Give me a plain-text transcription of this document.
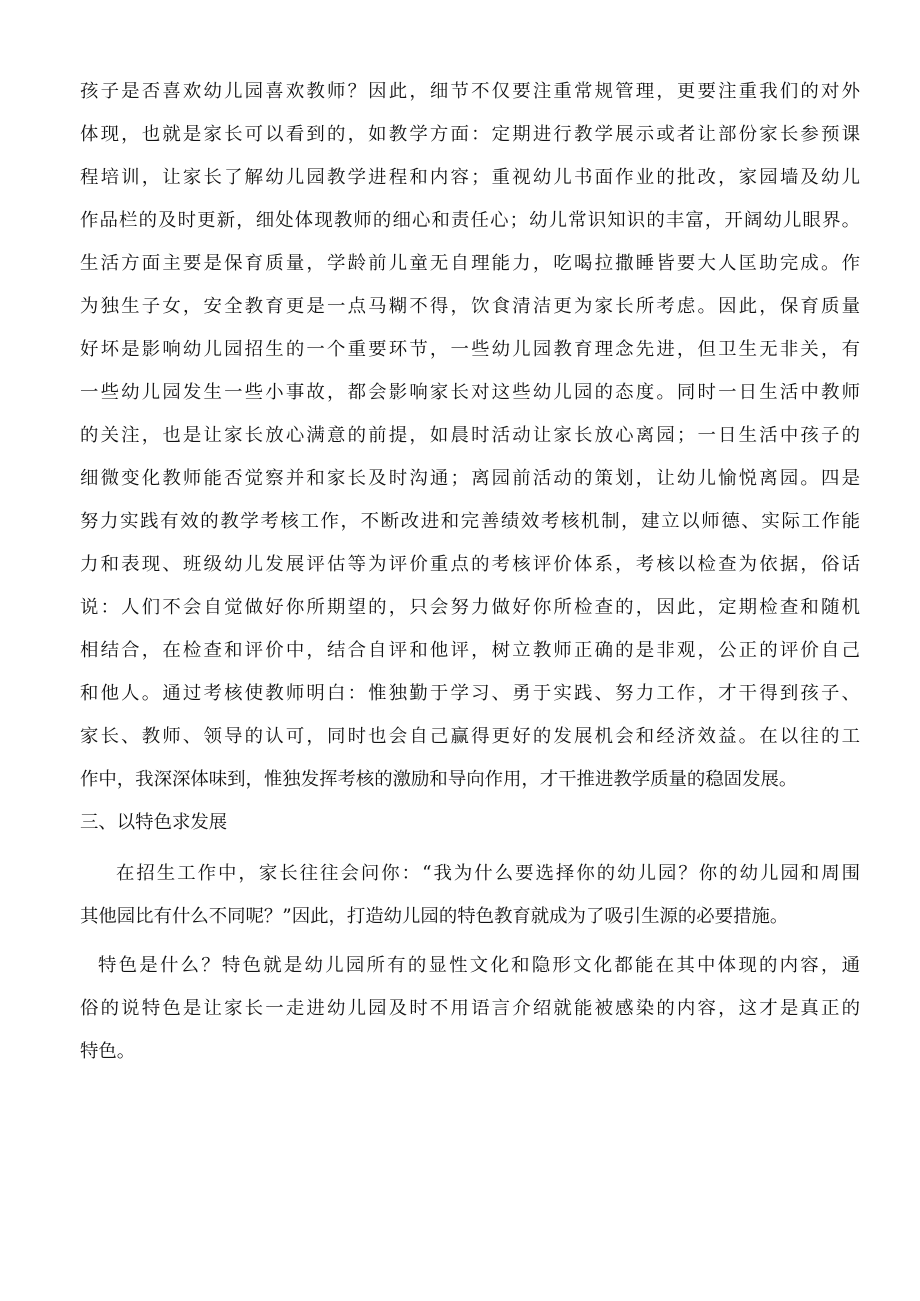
孩子是否喜欢幼儿园喜欢教师？因此，细节不仅要注重常规管理，更要注重我们的对外
体现，也就是家长可以看到的，如教学方面：定期进行教学展示或者让部份家长参预课
程培训，让家长了解幼儿园教学进程和内容；重视幼儿书面作业的批改，家园墙及幼儿
作品栏的及时更新，细处体现教师的细心和责任心；幼儿常识知识的丰富，开阔幼儿眼界。
生活方面主要是保育质量，学龄前儿童无自理能力，吃喝拉撒睡皆要大人匡助完成。作
为独生子女，安全教育更是一点马糊不得，饮食清洁更为家长所考虑。因此，保育质量
好坏是影响幼儿园招生的一个重要环节，一些幼儿园教育理念先进，但卫生无非关，有
一些幼儿园发生一些小事故，都会影响家长对这些幼儿园的态度。同时一日生活中教师
的关注，也是让家长放心满意的前提，如晨时活动让家长放心离园；一日生活中孩子的
细微变化教师能否觉察并和家长及时沟通；离园前活动的策划，让幼儿愉悦离园。四是
努力实践有效的教学考核工作，不断改进和完善绩效考核机制，建立以师德、实际工作能
力和表现、班级幼儿发展评估等为评价重点的考核评价体系，考核以检查为依据，俗话
说：人们不会自觉做好你所期望的，只会努力做好你所检查的，因此，定期检查和随机
相结合，在检查和评价中，结合自评和他评，树立教师正确的是非观，公正的评价自己
和他人。通过考核使教师明白：惟独勤于学习、勇于实践、努力工作，才干得到孩子、
家长、教师、领导的认可，同时也会自己赢得更好的发展机会和经济效益。在以往的工
作中，我深深体味到，惟独发挥考核的激励和导向作用，才干推进教学质量的稳固发展。
三、以特色求发展
在招生工作中，家长往往会问你：“我为什么要选择你的幼儿园？你的幼儿园和周围
其他园比有什么不同呢？”因此，打造幼儿园的特色教育就成为了吸引生源的必要措施。
特色是什么？特色就是幼儿园所有的显性文化和隐形文化都能在其中体现的内容，通
俗的说特色是让家长一走进幼儿园及时不用语言介绍就能被感染的内容，这才是真正的
特色。
